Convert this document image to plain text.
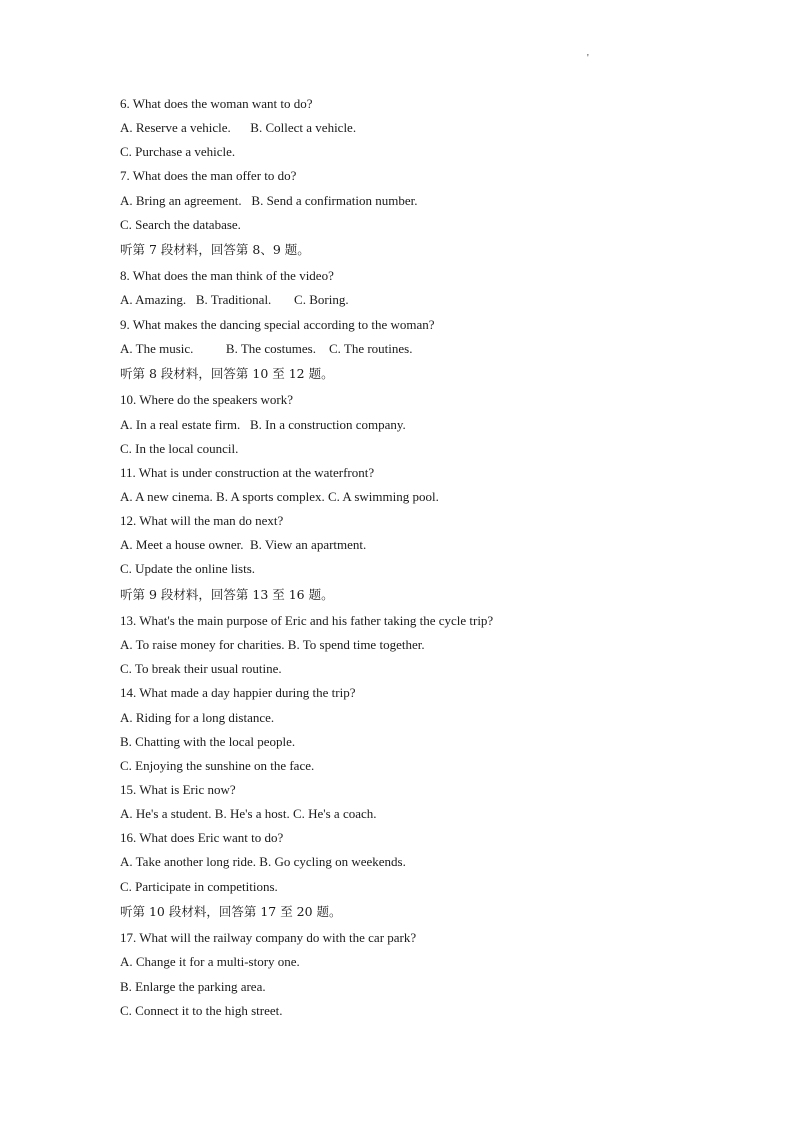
'
6. What does the woman want to do?
A. Reserve a vehicle.      B. Collect a vehicle.
C. Purchase a vehicle.
7. What does the man offer to do?
A. Bring an agreement.   B. Send a confirmation number.
C. Search the database.
听第 7 段材料，回答第 8、9 题。
8. What does the man think of the video?
A. Amazing.   B. Traditional.       C. Boring.
9. What makes the dancing special according to the woman?
A. The music.          B. The costumes.    C. The routines.
听第 8 段材料，回答第 10 至 12 题。
10. Where do the speakers work?
A. In a real estate firm.   B. In a construction company.
C. In the local council.
11. What is under construction at the waterfront?
A. A new cinema. B. A sports complex. C. A swimming pool.
12. What will the man do next?
A. Meet a house owner.  B. View an apartment.
C. Update the online lists.
听第 9 段材料，回答第 13 至 16 题。
13. What's the main purpose of Eric and his father taking the cycle trip?
A. To raise money for charities. B. To spend time together.
C. To break their usual routine.
14. What made a day happier during the trip?
A. Riding for a long distance.
B. Chatting with the local people.
C. Enjoying the sunshine on the face.
15. What is Eric now?
A. He's a student. B. He's a host. C. He's a coach.
16. What does Eric want to do?
A. Take another long ride. B. Go cycling on weekends.
C. Participate in competitions.
听第 10 段材料，回答第 17 至 20 题。
17. What will the railway company do with the car park?
A. Change it for a multi-story one.
B. Enlarge the parking area.
C. Connect it to the high street.
